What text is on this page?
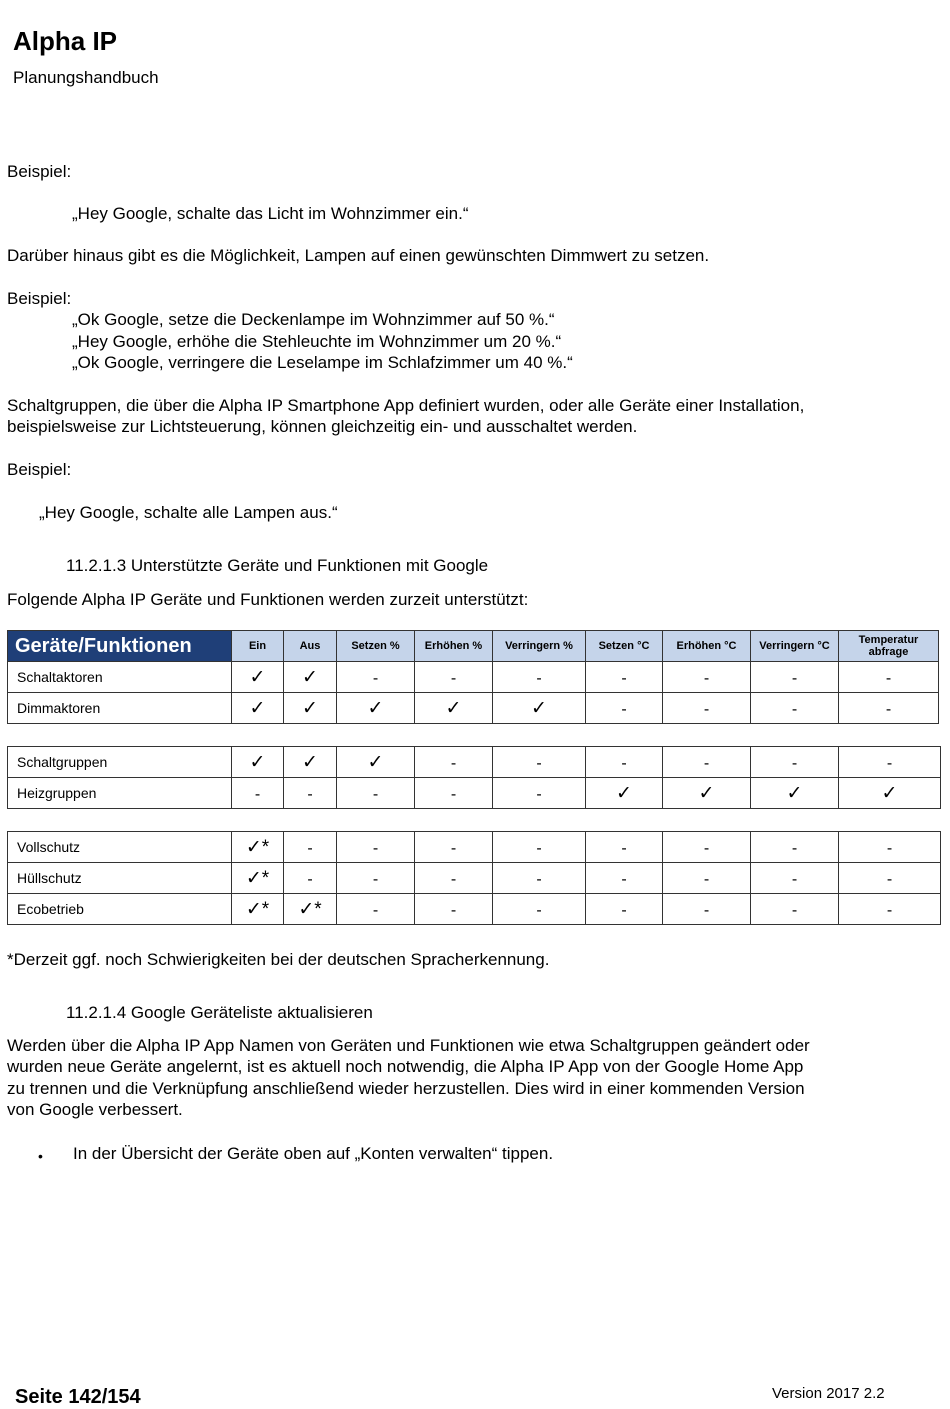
Alpha IP
Planungshandbuch
Beispiel:
„Hey Google, schalte das Licht im Wohnzimmer ein.“
Darüber hinaus gibt es die Möglichkeit, Lampen auf einen gewünschten Dimmwert zu setzen.
Beispiel:
„Ok Google, setze die Deckenlampe im Wohnzimmer auf 50 %.“
„Hey Google, erhöhe die Stehleuchte im Wohnzimmer um 20 %.“
„Ok Google, verringere die Leselampe im Schlafzimmer um 40 %.“
Schaltgruppen, die über die Alpha IP Smartphone App definiert wurden, oder alle Geräte einer Installation,
beispielsweise zur Lichtsteuerung, können gleichzeitig ein- und ausschaltet werden.
Beispiel:
„Hey Google, schalte alle Lampen aus.“
11.2.1.3 Unterstützte Geräte und Funktionen mit Google
Folgende Alpha IP Geräte und Funktionen werden zurzeit unterstützt:
Geräte/Funktionen	Ein	Aus	Setzen %	Erhöhen %	Verringern %	Setzen °C	Erhöhen °C	Verringern °C	Temperatur abfrage
Schaltaktoren	✓	✓	-	-	-	-	-	-	-
Dimmaktoren	✓	✓	✓	✓	✓	-	-	-	-
Schaltgruppen	✓	✓	✓	-	-	-	-	-	-
Heizgruppen	-	-	-	-	-	✓	✓	✓	✓
Vollschutz	✓*	-	-	-	-	-	-	-	-
Hüllschutz	✓*	-	-	-	-	-	-	-	-
Ecobetrieb	✓*	✓*	-	-	-	-	-	-	-
*Derzeit ggf. noch Schwierigkeiten bei der deutschen Spracherkennung.
11.2.1.4 Google Geräteliste aktualisieren
Werden über die Alpha IP App Namen von Geräten und Funktionen wie etwa Schaltgruppen geändert oder
wurden neue Geräte angelernt, ist es aktuell noch notwendig, die Alpha IP App von der Google Home App
zu trennen und die Verknüpfung anschließend wieder herzustellen. Dies wird in einer kommenden Version
von Google verbessert.
• In der Übersicht der Geräte oben auf „Konten verwalten“ tippen.
Seite 142/154	Version 2017 2.2
